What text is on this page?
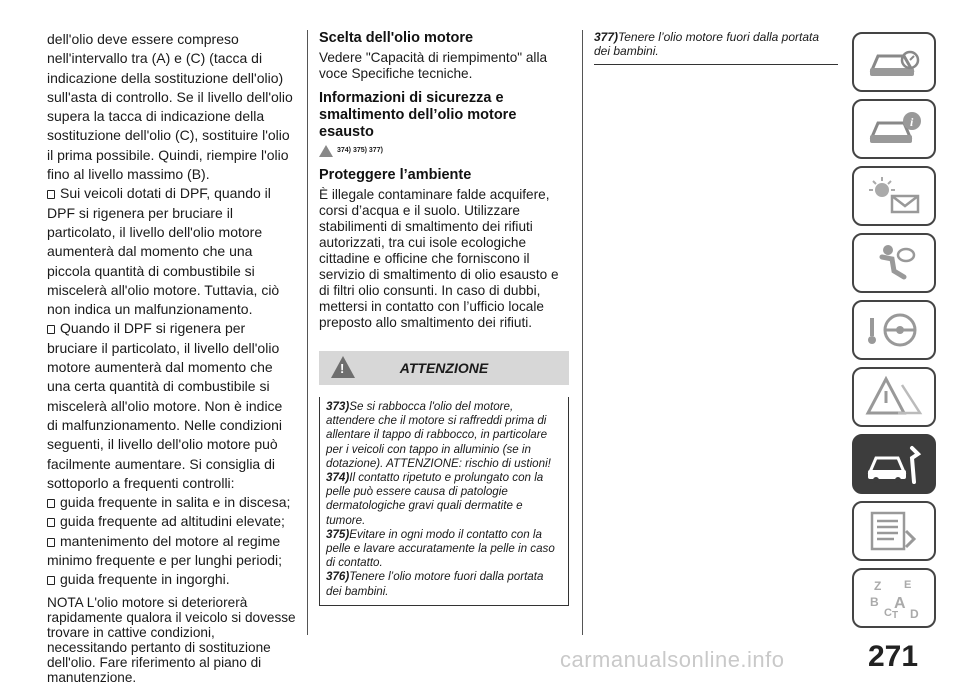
dell'olio deve essere compreso nell'intervallo tra (A) e (C) (tacca di indicazione della sostituzione dell'olio) sull'asta di controllo. Se il livello dell'olio supera la tacca di indicazione della sostituzione dell'olio (C), sostituire l'olio il prima possibile. Quindi, riempire l'olio fino al livello massimo (B).

Sui veicoli dotati di DPF, quando il DPF si rigenera per bruciare il particolato, il livello dell'olio motore aumenterà dal momento che una piccola quantità di combustibile si miscelerà all'olio motore. Tuttavia, ciò non indica un malfunzionamento.

Quando il DPF si rigenera per bruciare il particolato, il livello dell'olio motore aumenterà dal momento che una certa quantità di combustibile si miscelerà all'olio motore. Non è indice di malfunzionamento. Nelle condizioni seguenti, il livello dell'olio motore può facilmente aumentare. Si consiglia di sottoporlo a frequenti controlli:

guida frequente in salita e in discesa;

guida frequente ad altitudini elevate;

mantenimento del motore al regime minimo frequente e per lunghi periodi;

guida frequente in ingorghi.

NOTA L'olio motore si deteriorerà rapidamente qualora il veicolo si dovesse trovare in cattive condizioni, necessitando pertanto di sostituzione dell'olio. Fare riferimento al piano di manutenzione.

Scelta dell'olio motore

Vedere "Capacità di riempimento" alla voce Specifiche tecniche.

Informazioni di sicurezza e smaltimento dell’olio motore esausto
374) 375) 377)
Proteggere l’ambiente

È illegale contaminare falde acquifere, corsi d’acqua e il suolo. Utilizzare stabilimenti di smaltimento dei rifiuti autorizzati, tra cui isole ecologiche cittadine e officine che forniscono il servizio di smaltimento di olio esausto e di filtri olio consunti. In caso di dubbi, mettersi in contatto con l’ufficio locale preposto allo smaltimento dei rifiuti.

!
ATTENZIONE

373)Se si rabbocca l'olio del motore, attendere che il motore si raffreddi prima di allentare il tappo di rabbocco, in particolare per i veicoli con tappo in alluminio (se in dotazione). ATTENZIONE: rischio di ustioni!

374)Il contatto ripetuto e prolungato con la pelle può essere causa di patologie dermatologiche gravi quali dermatite e tumore.

375)Evitare in ogni modo il contatto con la pelle e lavare accuratamente la pelle in caso di contatto.

376)Tenere l’olio motore fuori dalla portata dei bambini.

377)Tenere l’olio motore fuori dalla portata dei bambini.
i
Z E
B A
C T D
271
carmanualsonline.info
